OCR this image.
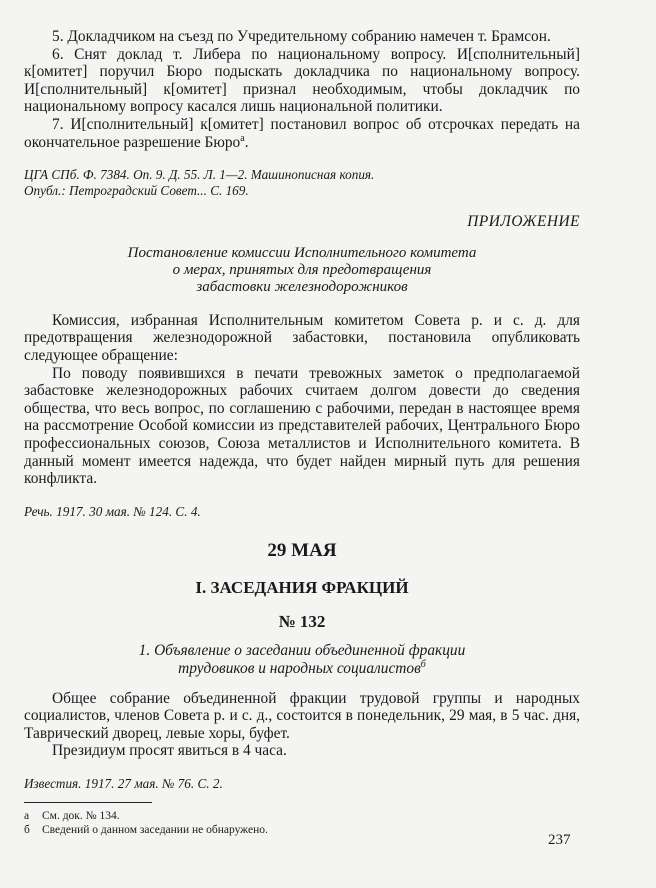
5. Докладчиком на съезд по Учредительному собранию намечен т. Брамсон.

6. Снят доклад т. Либера по национальному вопросу. И[сполнительный] к[омитет] поручил Бюро подыскать докладчика по национальному вопросу. И[сполнительный] к[омитет] признал необходимым, чтобы докладчик по национальному вопросу касался лишь национальной политики.

7. И[сполнительный] к[омитет] постановил вопрос об отсрочках передать на окончательное разрешение Бюро$^а$.

ЦГА СПб. Ф. 7384. Оп. 9. Д. 55. Л. 1—2. Машинописная копия.

Опубл.: Петроградский Совет... С. 169.

ПРИЛОЖЕНИЕ

Постановление комиссии Исполнительного комитета
о мерах, принятых для предотвращения
забастовки железнодорожников

Комиссия, избранная Исполнительным комитетом Совета р. и с. д. для предотвращения железнодорожной забастовки, постановила опубликовать следующее обращение:

По поводу появившихся в печати тревожных заметок о предполагаемой забастовке железнодорожных рабочих считаем долгом довести до сведения общества, что весь вопрос, по соглашению с рабочими, передан в настоящее время на рассмотрение Особой комиссии из представителей рабочих, Центрального Бюро профессиональных союзов, Союза металлистов и Исполнительного комитета. В данный момент имеется надежда, что будет найден мирный путь для решения конфликта.

Речь. 1917. 30 мая. № 124. С. 4.

29 МАЯ

I. ЗАСЕДАНИЯ ФРАКЦИЙ

№ 132

1. Объявление о заседании объединенной фракции
трудовиков и народных социалистов$^б$

Общее собрание объединенной фракции трудовой группы и народных социалистов, членов Совета р. и с. д., состоится в понедельник, 29 мая, в 5 час. дня, Таврический дворец, левые хоры, буфет.

Президиум просят явиться в 4 часа.

Известия. 1917. 27 мая. № 76. С. 2.

а См. док. № 134.

б Сведений о данном заседании не обнаружено.

237
